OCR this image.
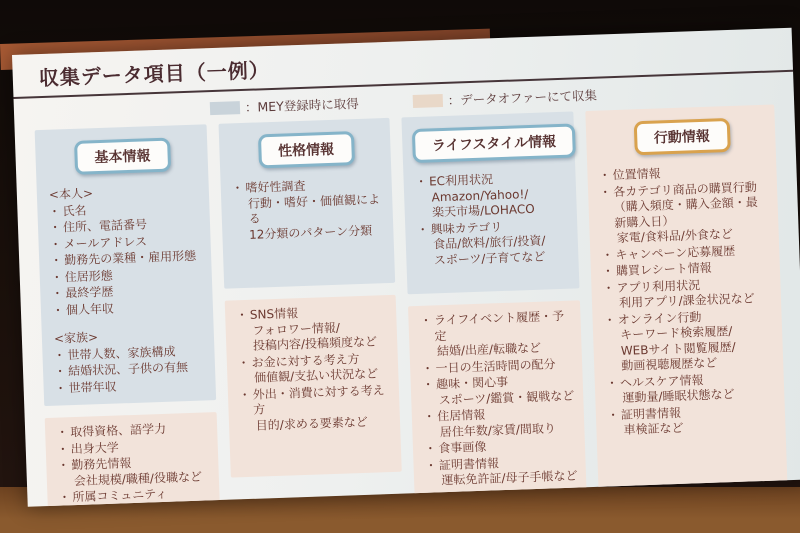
収集データ項目（一例）
：MEY登録時に取得	：データオファーにて収集
基本情報
<本人>
・ 氏名
・ 住所、電話番号
・ メールアドレス
・ 勤務先の業種・雇用形態
・ 住居形態
・ 最終学歴
・ 個人年収
<家族>
・ 世帯人数、家族構成
・ 結婚状況、子供の有無
・ 世帯年収
・ 取得資格、語学力
・ 出身大学
・ 勤務先情報
会社規模/職種/役職など
・ 所属コミュニティ
性格情報
・ 嗜好性調査
行動・嗜好・価値観による
12分類のパターン分類
・ SNS情報
フォロワー情報/
投稿内容/投稿頻度など
・ お金に対する考え方
価値観/支払い状況など
・ 外出・消費に対する考え方
目的/求める要素など
ライフスタイル情報
・ EC利用状況
Amazon/Yahoo!/
楽天市場/LOHACO
・ 興味カテゴリ
食品/飲料/旅行/投資/
スポーツ/子育てなど
・ ライフイベント履歴・予定
結婚/出産/転職など
・ 一日の生活時間の配分
・ 趣味・関心事
スポーツ/鑑賞・観戦など
・ 住居情報
居住年数/家賃/間取り
・ 食事画像
・ 証明書情報
運転免許証/母子手帳など
行動情報
・ 位置情報
・ 各カテゴリ商品の購買行動（購入頻度・購入金額・最新購入日）
家電/食料品/外食など
・ キャンペーン応募履歴
・ 購買レシート情報
・ アプリ利用状況
利用アプリ/課金状況など
・ オンライン行動
キーワード検索履歴/
WEBサイト閲覧履歴/
動画視聴履歴など
・ ヘルスケア情報
運動量/睡眠状態など
・ 証明書情報
車検証など
